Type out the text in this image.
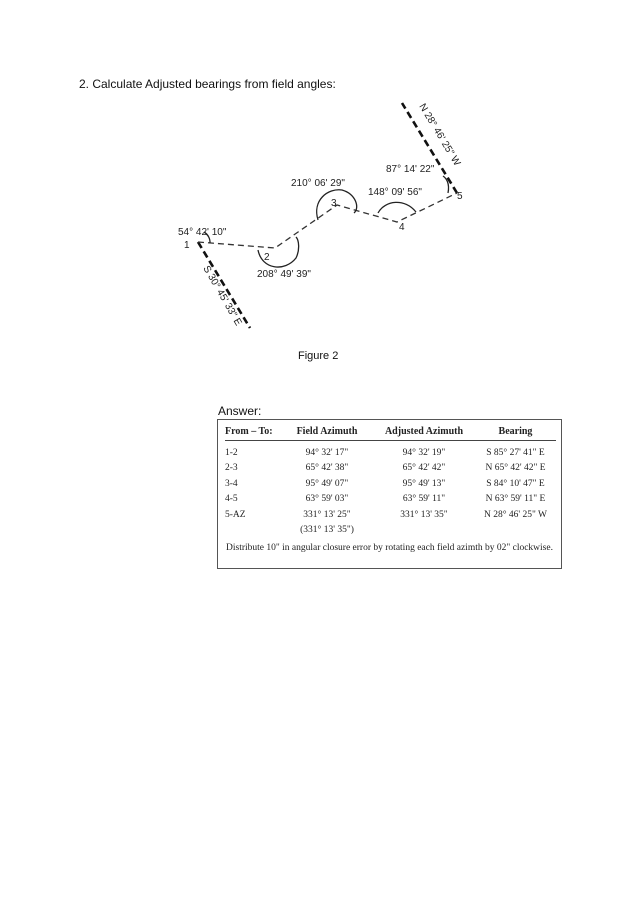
2. Calculate Adjusted bearings from field angles:
1
2
3
4
5
54° 42' 10"
208° 49' 39"
210° 06' 29"
148° 09' 56"
87° 14' 22"
S 30° 45' 33" E
N 28° 46' 25" W
Figure 2
Answer:
From – To:	Field Azimuth	Adjusted Azimuth	Bearing
1-2	94° 32' 17"	94° 32' 19"	S 85° 27' 41" E
2-3	65° 42' 38"	65° 42' 42"	N 65° 42' 42" E
3-4	95° 49' 07"	95° 49' 13"	S 84° 10' 47" E
4-5	63° 59' 03"	63° 59' 11"	N 63° 59' 11" E
5-AZ	331° 13' 25"	331° 13' 35"	N 28° 46' 25" W
	(331° 13' 35")		
Distribute 10" in angular closure error by rotating each field azimth by 02" clockwise.
